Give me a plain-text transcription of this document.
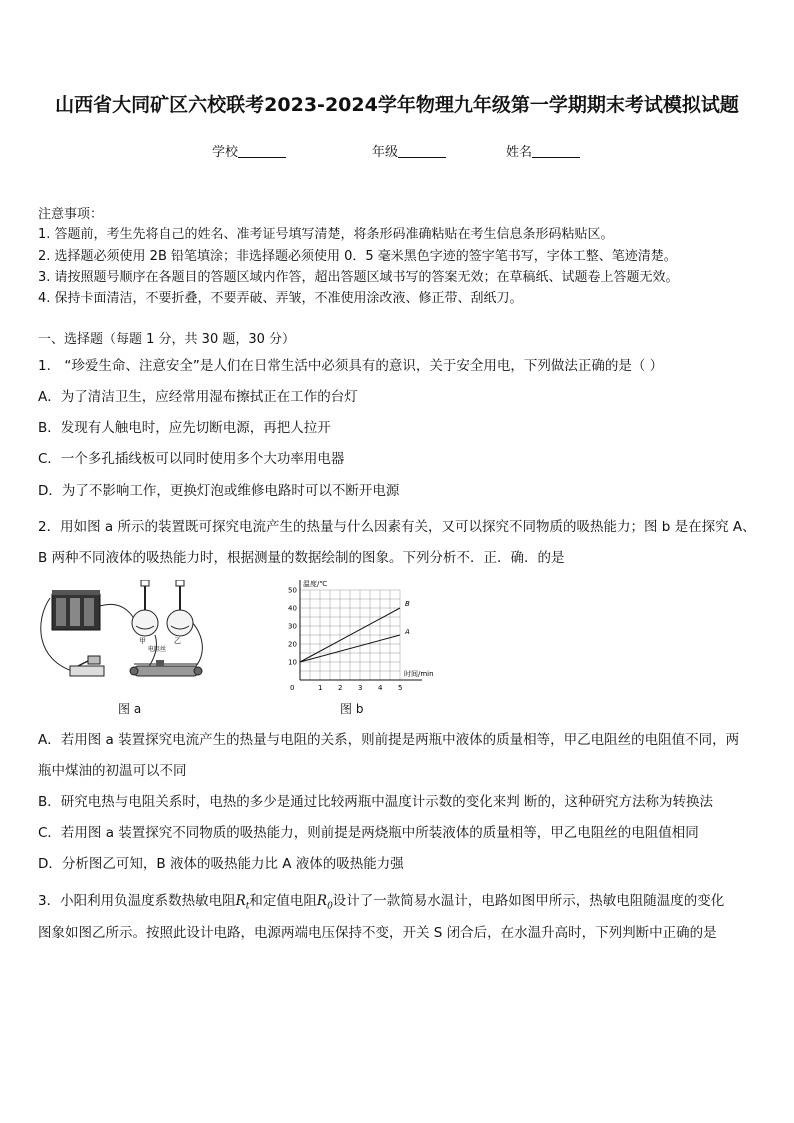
山西省大同矿区六校联考2023-2024学年物理九年级第一学期期末考试模拟试题
学校	年级	姓名
注意事项：
1. 答题前，考生先将自己的姓名、准考证号填写清楚，将条形码准确粘贴在考生信息条形码粘贴区。
2. 选择题必须使用 2B 铅笔填涂；非选择题必须使用 0．5 毫米黑色字迹的签字笔书写，字体工整、笔迹清楚。
3. 请按照题号顺序在各题目的答题区域内作答，超出答题区域书写的答案无效；在草稿纸、试题卷上答题无效。
4. 保持卡面清洁，不要折叠，不要弄破、弄皱，不准使用涂改液、修正带、刮纸刀。
一、选择题（每题 1 分，共 30 题，30 分）
1． “珍爱生命、注意安全”是人们在日常生活中必须具有的意识，关于安全用电，下列做法正确的是（ ）
A．为了清洁卫生，应经常用湿布擦拭正在工作的台灯
B．发现有人触电时，应先切断电源，再把人拉开
C．一个多孔插线板可以同时使用多个大功率用电器
D．为了不影响工作，更换灯泡或维修电路时可以不断开电源
2．用如图 a 所示的装置既可探究电流产生的热量与什么因素有关，又可以探究不同物质的吸热能力；图 b 是在探究 A、
B 两种不同液体的吸热能力时，根据测量的数据绘制的图象。下列分析不．正．确．的是
甲	乙
电阻丝
图 a
0	1 2 3 4 5
10
20
30
40
50
温度/℃
时间/min
B
A
图 b
A．若用图 a 装置探究电流产生的热量与电阻的关系，则前提是两瓶中液体的质量相等，甲乙电阻丝的电阻值不同，两
瓶中煤油的初温可以不同
B．研究电热与电阻关系时，电热的多少是通过比较两瓶中温度计示数的变化来判 断的，这种研究方法称为转换法
C．若用图 a 装置探究不同物质的吸热能力，则前提是两烧瓶中所装液体的质量相等，甲乙电阻丝的电阻值相同
D．分析图乙可知，B 液体的吸热能力比 A 液体的吸热能力强
3．小阳利用负温度系数热敏电阻$R_t$和定值电阻$R_0$设计了一款简易水温计，电路如图甲所示，热敏电阻随温度的变化
图象如图乙所示。按照此设计电路，电源两端电压保持不变，开关 S 闭合后，在水温升高时，下列判断中正确的是
